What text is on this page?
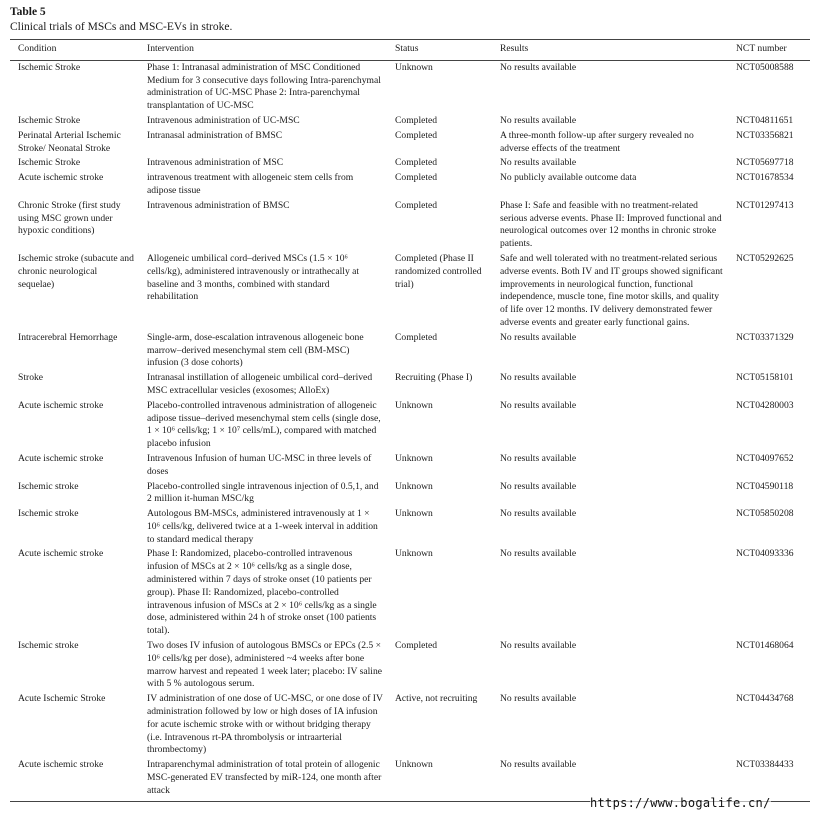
Table 5
Clinical trials of MSCs and MSC-EVs in stroke.
Condition	Intervention	Status	Results	NCT number
Ischemic Stroke	Phase 1: Intranasal administration of MSC Conditioned Medium for 3 consecutive days following Intra-parenchymal administration of UC-MSC Phase 2: Intra-parenchymal transplantation of UC-MSC	Unknown	No results available	NCT05008588
Ischemic Stroke	Intravenous administration of UC-MSC	Completed	No results available	NCT04811651
Perinatal Arterial Ischemic Stroke/ Neonatal Stroke	Intranasal administration of BMSC	Completed	A three-month follow-up after surgery revealed no adverse effects of the treatment	NCT03356821
Ischemic Stroke	Intravenous administration of MSC	Completed	No results available	NCT05697718
Acute ischemic stroke	intravenous treatment with allogeneic stem cells from adipose tissue	Completed	No publicly available outcome data	NCT01678534
Chronic Stroke (first study using MSC grown under hypoxic conditions)	Intravenous administration of BMSC	Completed	Phase I: Safe and feasible with no treatment-related serious adverse events. Phase II: Improved functional and neurological outcomes over 12 months in chronic stroke patients.	NCT01297413
Ischemic stroke (subacute and chronic neurological sequelae)	Allogeneic umbilical cord–derived MSCs (1.5 × 10⁶ cells/kg), administered intravenously or intrathecally at baseline and 3 months, combined with standard rehabilitation	Completed (Phase II randomized controlled trial)	Safe and well tolerated with no treatment-related serious adverse events. Both IV and IT groups showed significant improvements in neurological function, functional independence, muscle tone, fine motor skills, and quality of life over 12 months. IV delivery demonstrated fewer adverse events and greater early functional gains.	NCT05292625
Intracerebral Hemorrhage	Single-arm, dose-escalation intravenous allogeneic bone marrow–derived mesenchymal stem cell (BM-MSC) infusion (3 dose cohorts)	Completed	No results available	NCT03371329
Stroke	Intranasal instillation of allogeneic umbilical cord–derived MSC extracellular vesicles (exosomes; AlloEx)	Recruiting (Phase I)	No results available	NCT05158101
Acute ischemic stroke	Placebo-controlled intravenous administration of allogeneic adipose tissue–derived mesenchymal stem cells (single dose, 1 × 10⁶ cells/kg; 1 × 10⁷ cells/mL), compared with matched placebo infusion	Unknown	No results available	NCT04280003
Acute ischemic stroke	Intravenous Infusion of human UC-MSC in three levels of doses	Unknown	No results available	NCT04097652
Ischemic stroke	Placebo-controlled single intravenous injection of 0.5,1, and 2 million it-human MSC/kg	Unknown	No results available	NCT04590118
Ischemic stroke	Autologous BM-MSCs, administered intravenously at 1 × 10⁶ cells/kg, delivered twice at a 1-week interval in addition to standard medical therapy	Unknown	No results available	NCT05850208
Acute ischemic stroke	Phase I: Randomized, placebo-controlled intravenous infusion of MSCs at 2 × 10⁶ cells/kg as a single dose, administered within 7 days of stroke onset (10 patients per group). Phase II: Randomized, placebo-controlled intravenous infusion of MSCs at 2 × 10⁶ cells/kg as a single dose, administered within 24 h of stroke onset (100 patients total).	Unknown	No results available	NCT04093336
Ischemic stroke	Two doses IV infusion of autologous BMSCs or EPCs (2.5 × 10⁶ cells/kg per dose), administered ~4 weeks after bone marrow harvest and repeated 1 week later; placebo: IV saline with 5 % autologous serum.	Completed	No results available	NCT01468064
Acute Ischemic Stroke	IV administration of one dose of UC-MSC, or one dose of IV administration followed by low or high doses of IA infusion for acute ischemic stroke with or without bridging therapy (i.e. Intravenous rt-PA thrombolysis or intraarterial thrombectomy)	Active, not recruiting	No results available	NCT04434768
Acute ischemic stroke	Intraparenchymal administration of total protein of allogenic MSC-generated EV transfected by miR-124, one month after attack	Unknown	No results available	NCT03384433
https://www.bogalife.cn/
